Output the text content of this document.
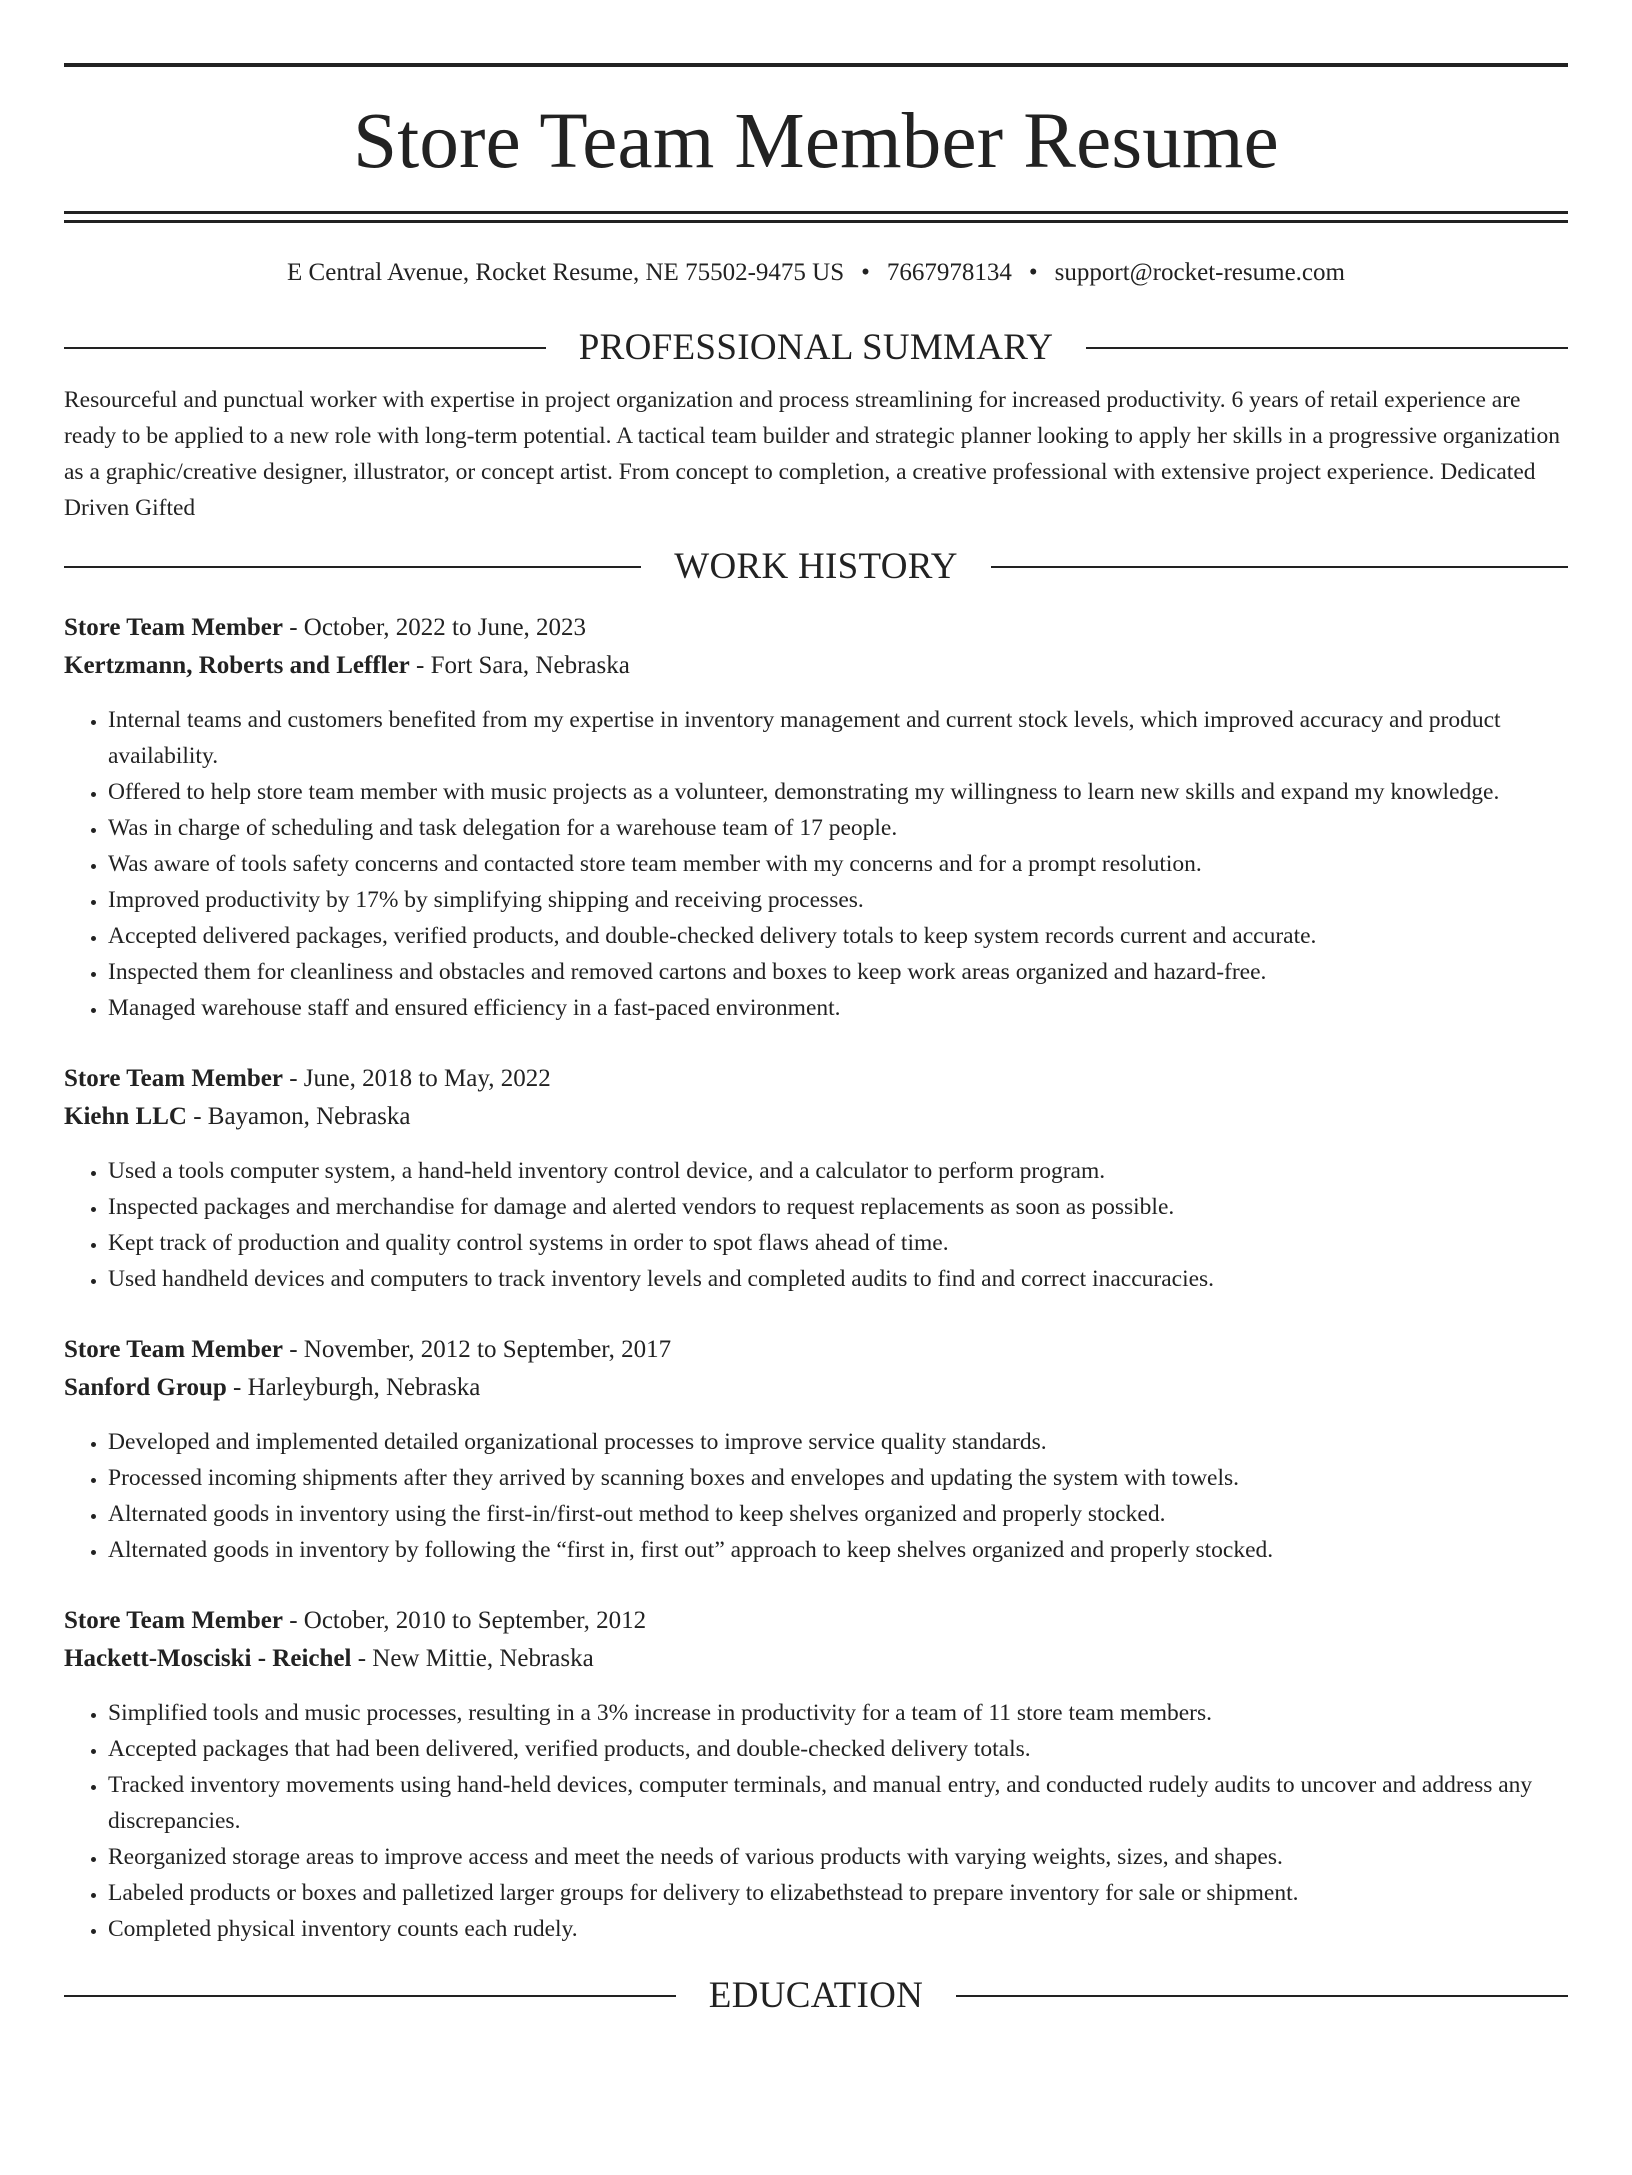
Store Team Member Resume
E Central Avenue, Rocket Resume, NE 75502-9475 US • 7667978134 • support@rocket-resume.com
PROFESSIONAL SUMMARY

Resourceful and punctual worker with expertise in project organization and process streamlining for increased productivity. 6 years of retail experience are ready to be applied to a new role with long-term potential. A tactical team builder and strategic planner looking to apply her skills in a progressive organization as a graphic/creative designer, illustrator, or concept artist. From concept to completion, a creative professional with extensive project experience. Dedicated Driven Gifted

WORK HISTORY

Store Team Member - October, 2022 to June, 2023

Kertzmann, Roberts and Leffler - Fort Sara, Nebraska

• Internal teams and customers benefited from my expertise in inventory management and current stock levels, which improved accuracy and product availability.
• Offered to help store team member with music projects as a volunteer, demonstrating my willingness to learn new skills and expand my knowledge.
• Was in charge of scheduling and task delegation for a warehouse team of 17 people.
• Was aware of tools safety concerns and contacted store team member with my concerns and for a prompt resolution.
• Improved productivity by 17% by simplifying shipping and receiving processes.
• Accepted delivered packages, verified products, and double-checked delivery totals to keep system records current and accurate.
• Inspected them for cleanliness and obstacles and removed cartons and boxes to keep work areas organized and hazard-free.
• Managed warehouse staff and ensured efficiency in a fast-paced environment.

Store Team Member - June, 2018 to May, 2022

Kiehn LLC - Bayamon, Nebraska

• Used a tools computer system, a hand-held inventory control device, and a calculator to perform program.
• Inspected packages and merchandise for damage and alerted vendors to request replacements as soon as possible.
• Kept track of production and quality control systems in order to spot flaws ahead of time.
• Used handheld devices and computers to track inventory levels and completed audits to find and correct inaccuracies.

Store Team Member - November, 2012 to September, 2017

Sanford Group - Harleyburgh, Nebraska

• Developed and implemented detailed organizational processes to improve service quality standards.
• Processed incoming shipments after they arrived by scanning boxes and envelopes and updating the system with towels.
• Alternated goods in inventory using the first-in/first-out method to keep shelves organized and properly stocked.
• Alternated goods in inventory by following the “first in, first out” approach to keep shelves organized and properly stocked.

Store Team Member - October, 2010 to September, 2012

Hackett-Mosciski - Reichel - New Mittie, Nebraska

• Simplified tools and music processes, resulting in a 3% increase in productivity for a team of 11 store team members.
• Accepted packages that had been delivered, verified products, and double-checked delivery totals.
• Tracked inventory movements using hand-held devices, computer terminals, and manual entry, and conducted rudely audits to uncover and address any discrepancies.
• Reorganized storage areas to improve access and meet the needs of various products with varying weights, sizes, and shapes.
• Labeled products or boxes and palletized larger groups for delivery to elizabethstead to prepare inventory for sale or shipment.
• Completed physical inventory counts each rudely.
EDUCATION
